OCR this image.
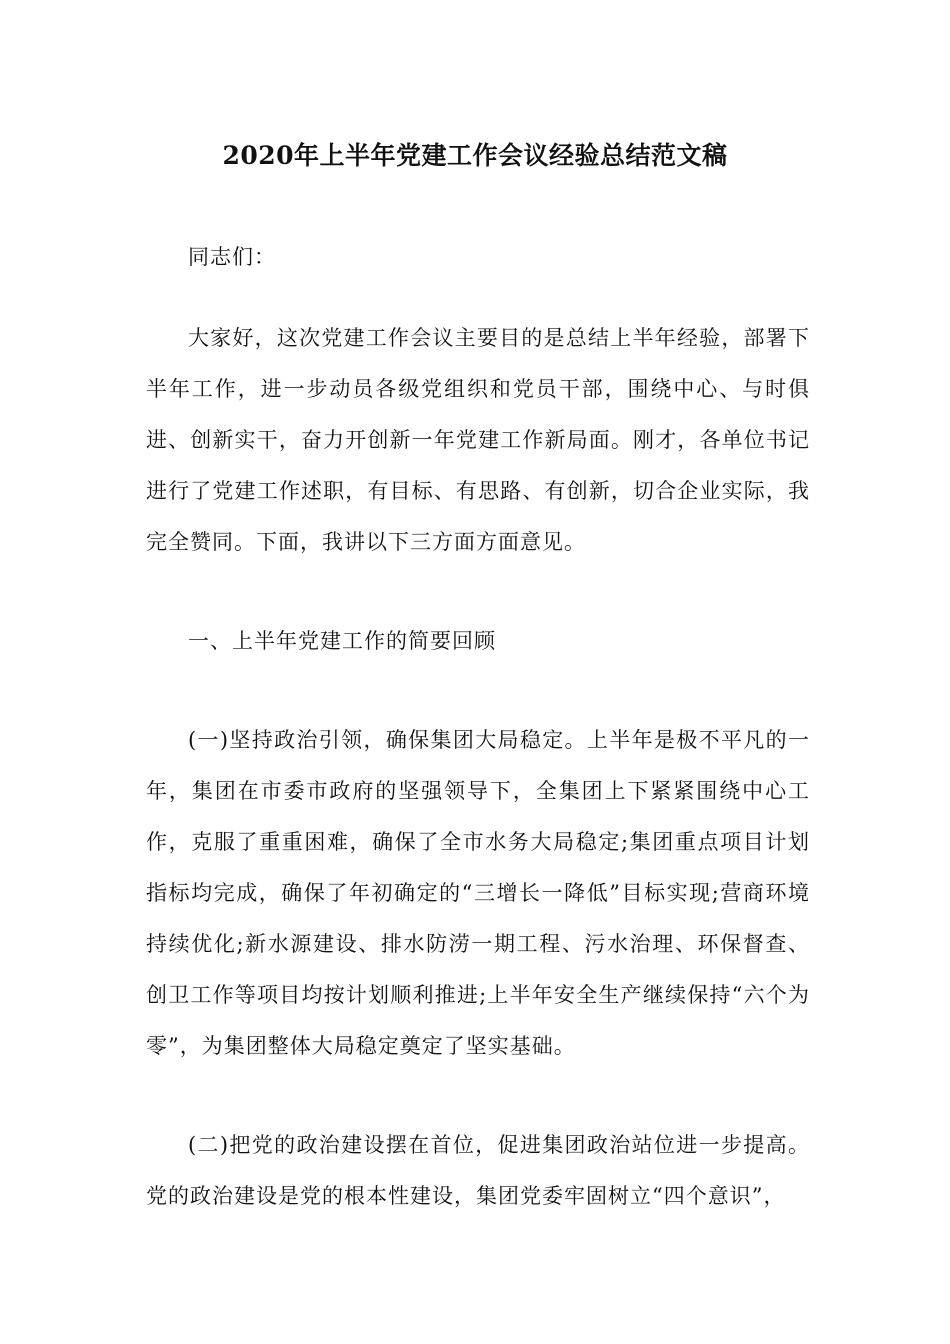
2020年上半年党建工作会议经验总结范文稿

同志们：

大家好，这次党建工作会议主要目的是总结上半年经验，部署下半年工作，进一步动员各级党组织和党员干部，围绕中心、与时俱进、创新实干，奋力开创新一年党建工作新局面。刚才，各单位书记进行了党建工作述职，有目标、有思路、有创新，切合企业实际，我完全赞同。下面，我讲以下三方面方面意见。

一、上半年党建工作的简要回顾

(一)坚持政治引领，确保集团大局稳定。上半年是极不平凡的一年，集团在市委市政府的坚强领导下，全集团上下紧紧围绕中心工作，克服了重重困难，确保了全市水务大局稳定;集团重点项目计划指标均完成，确保了年初确定的“三增长一降低”目标实现;营商环境持续优化;新水源建设、排水防涝一期工程、污水治理、环保督查、创卫工作等项目均按计划顺利推进;上半年安全生产继续保持“六个为零”，为集团整体大局稳定奠定了坚实基础。

(二)把党的政治建设摆在首位，促进集团政治站位进一步提高。党的政治建设是党的根本性建设，集团党委牢固树立“四个意识”，
